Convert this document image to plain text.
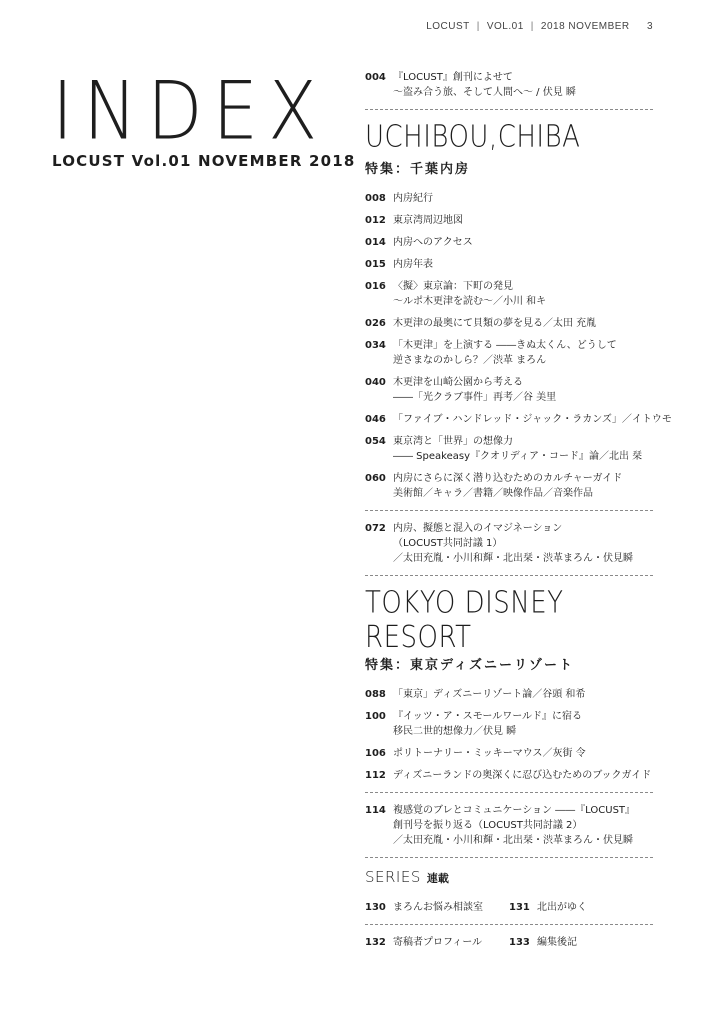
LOCUST | VOL.01 | 2018 NOVEMBER 3
INDEX
LOCUST Vol.01 NOVEMBER 2018
004 『LOCUST』創刊によせて
〜盗み合う旅、そして人間へ〜 / 伏見 瞬
UCHIBOU,CHIBA
特集：千葉内房
008 内房紀行
012 東京湾周辺地図
014 内房へのアクセス
015 内房年表
016 〈擬〉東京論：下町の発見
〜ルポ木更津を読む〜／小川 和キ
026 木更津の最奥にて貝類の夢を見る／太田 充胤
034 「木更津」を上演する ――きぬ太くん、どうして
逆さまなのかしら？／渋革 まろん
040 木更津を山崎公園から考える
――「光クラブ事件」再考／谷 美里
046 「ファイブ・ハンドレッド・ジャック・ラカンズ」／イトウモ
054 東京湾と「世界」の想像力
―― Speakeasy『クオリディア・コード』論／北出 栞
060 内房にさらに深く潜り込むためのカルチャーガイド
美術館／キャラ／書籍／映像作品／音楽作品
072 内房、擬態と混入のイマジネーション
（LOCUST共同討議 1）
／太田充胤・小川和輝・北出栞・渋革まろん・伏見瞬
TOKYO DISNEY RESORT
特集：東京ディズニーリゾート
088 「東京」ディズニーリゾート論／谷頭 和希
100 『イッツ・ア・スモールワールド』に宿る
移民二世的想像力／伏見 瞬
106 ポリトーナリー・ミッキーマウス／灰街 令
112 ディズニーランドの奥深くに忍び込むためのブックガイド
114 複感覚のブレとコミュニケーション ――『LOCUST』
創刊号を振り返る（LOCUST共同討議 2）
／太田充胤・小川和輝・北出栞・渋革まろん・伏見瞬
SERIES 連載
130 まろんお悩み相談室	131 北出がゆく
132 寄稿者プロフィール	133 編集後記
